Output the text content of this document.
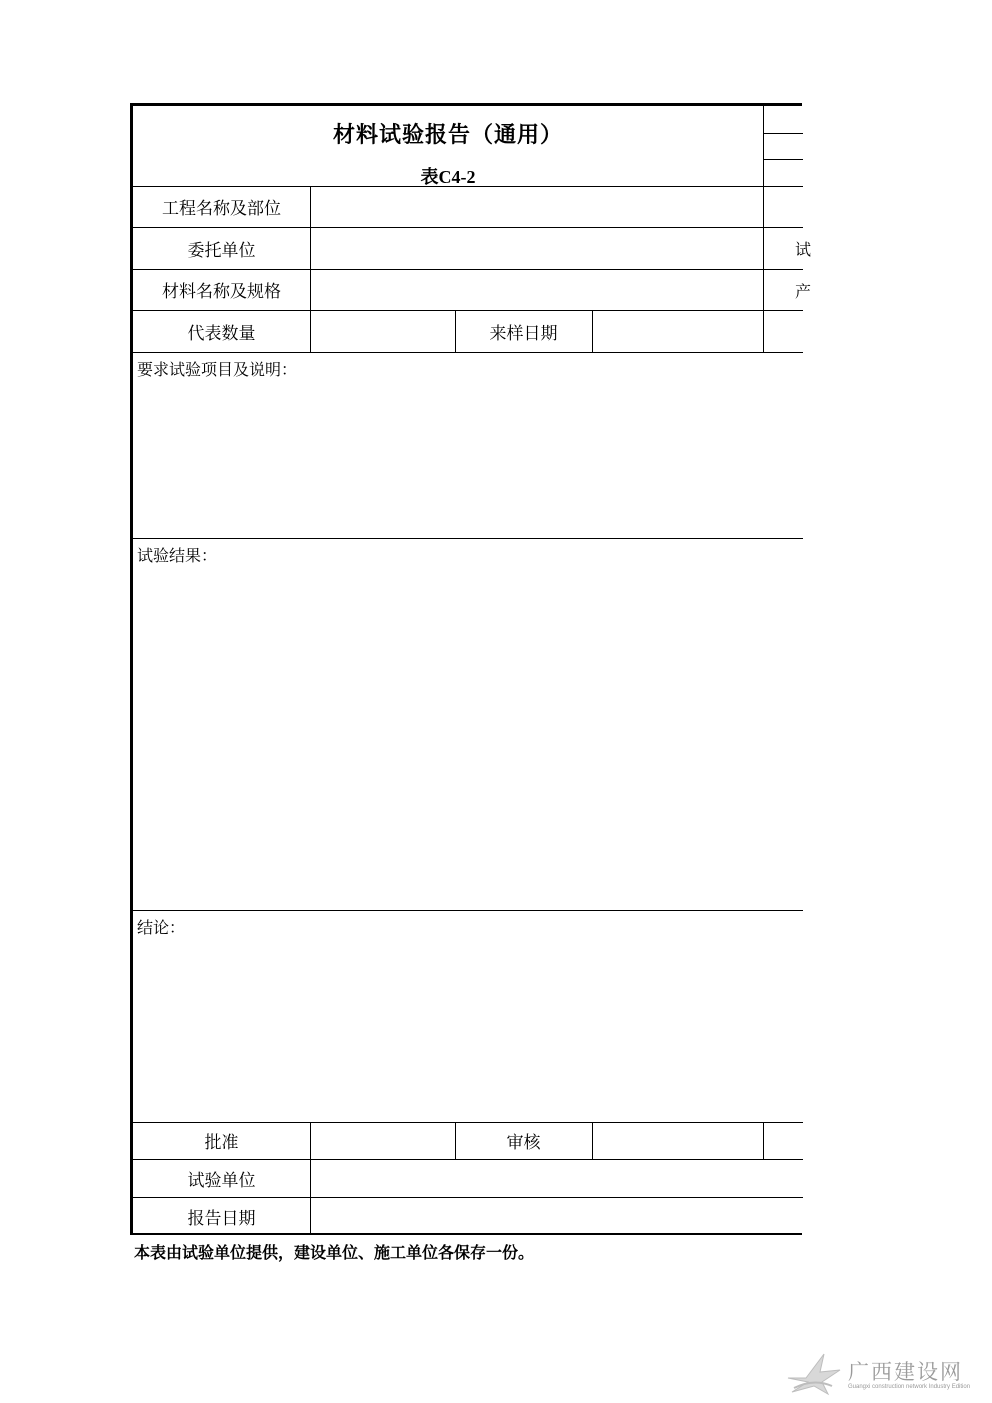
材料试验报告（通用）
表C4-2
工程名称及部位
委托单位
材料名称及规格
代表数量	来样日期
试
产
要求试验项目及说明：
试验结果：
结论：
批准	审核
试验单位
报告日期
本表由试验单位提供，建设单位、施工单位各保存一份。
广西建设网
Guangxi construction network Industry Edition
